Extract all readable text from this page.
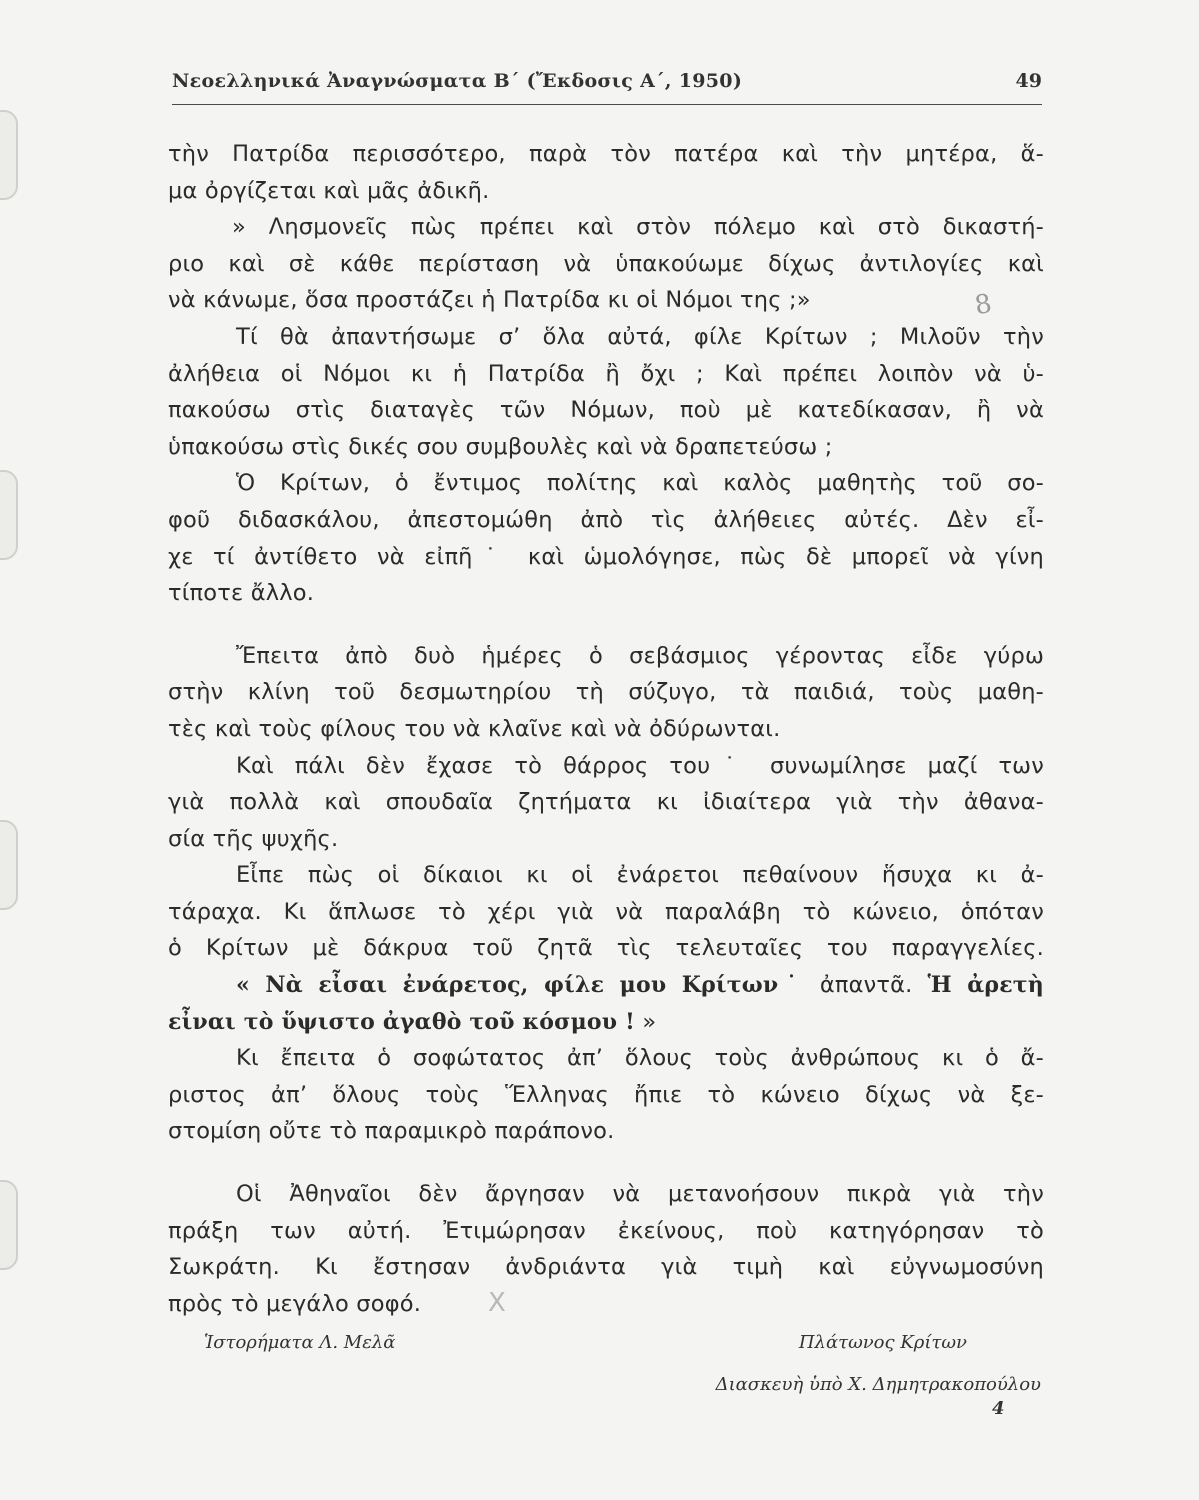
Νεοελληνικά Ἀναγνώσματα Β΄ (Ἔκδοσις Α΄, 1950)	49
τὴν Πατρίδα περισσότερο, παρὰ τὸν πατέρα καὶ τὴν μητέρα, ἅ-
μα ὀργίζεται καὶ μᾶς ἀδικῆ.
» Λησμονεῖς πὼς πρέπει καὶ στὸν πόλεμο καὶ στὸ δικαστή-
ριο καὶ σὲ κάθε περίσταση νὰ ὑπακούωμε δίχως ἀντιλογίες καὶ
νὰ κάνωμε, ὅσα προστάζει ἡ Πατρίδα κι οἱ Νόμοι της ;»
Τί θὰ ἀπαντήσωμε σ’ ὅλα αὐτά, φίλε Κρίτων ; Μιλοῦν τὴν
ἀλήθεια οἱ Νόμοι κι ἡ Πατρίδα ἢ ὄχι ; Καὶ πρέπει λοιπὸν νὰ ὑ-
πακούσω στὶς διαταγὲς τῶν Νόμων, ποὺ μὲ κατεδίκασαν, ἢ νὰ
ὑπακούσω στὶς δικές σου συμβουλὲς καὶ νὰ δραπετεύσω ;
Ὁ Κρίτων, ὁ ἔντιμος πολίτης καὶ καλὸς μαθητὴς τοῦ σο-
φοῦ διδασκάλου, ἀπεστομώθη ἀπὸ τὶς ἀλήθειες αὐτές. Δὲν εἶ-
χε τί ἀντίθετο νὰ εἰπῆ˙ καὶ ὡμολόγησε, πὼς δὲ μπορεῖ νὰ γίνη
τίποτε ἄλλο.
Ἔπειτα ἀπὸ δυὸ ἡμέρες ὁ σεβάσμιος γέροντας εἶδε γύρω
στὴν κλίνη τοῦ δεσμωτηρίου τὴ σύζυγο, τὰ παιδιά, τοὺς μαθη-
τὲς καὶ τοὺς φίλους του νὰ κλαῖνε καὶ νὰ ὀδύρωνται.
Καὶ πάλι δὲν ἔχασε τὸ θάρρος του˙ συνωμίλησε μαζί των
γιὰ πολλὰ καὶ σπουδαῖα ζητήματα κι ἰδιαίτερα γιὰ τὴν ἀθανα-
σία τῆς ψυχῆς.
Εἶπε πὼς οἱ δίκαιοι κι οἱ ἐνάρετοι πεθαίνουν ἥσυχα κι ἀ-
τάραχα. Κι ἅπλωσε τὸ χέρι γιὰ νὰ παραλάβη τὸ κώνειο, ὁπόταν
ὁ Κρίτων μὲ δάκρυα τοῦ ζητᾶ τὶς τελευταῖες του παραγγελίες.
« Νὰ εἶσαι ἐνάρετος, φίλε μου Κρίτων˙ ἀπαντᾶ. Ἡ ἀρετὴ
εἶναι τὸ ὕψιστο ἀγαθὸ τοῦ κόσμου ! »
Κι ἔπειτα ὁ σοφώτατος ἀπ’ ὅλους τοὺς ἀνθρώπους κι ὁ ἄ-
ριστος ἀπ’ ὅλους τοὺς Ἕλληνας ἤπιε τὸ κώνειο δίχως νὰ ξε-
στομίση οὔτε τὸ παραμικρὸ παράπονο.
Οἱ Ἀθηναῖοι δὲν ἄργησαν νὰ μετανοήσουν πικρὰ γιὰ τὴν
πράξη των αὐτή. Ἐτιμώρησαν ἐκείνους, ποὺ κατηγόρησαν τὸ
Σωκράτη. Κι ἔστησαν ἀνδριάντα γιὰ τιμὴ καὶ εὐγνωμοσύνη
πρὸς τὸ μεγάλο σοφό.
8
X
Ἱστορήματα Λ. Μελᾶ	Πλάτωνος Κρίτων
Διασκευὴ ὑπὸ Χ. Δημητρακοπούλου
4
